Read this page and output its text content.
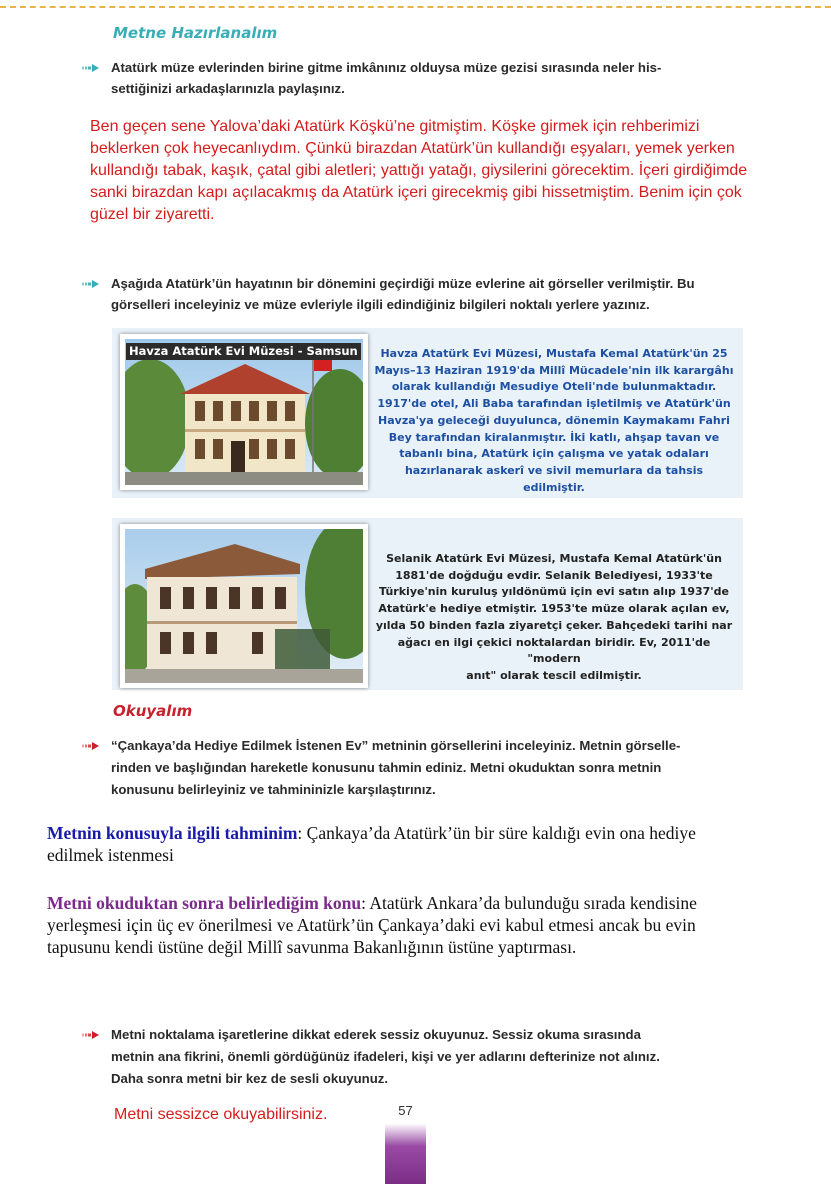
Metne Hazırlanalım
Atatürk müze evlerinden birine gitme imkânınız olduysa müze gezisi sırasında neler his-
settiğinizi arkadaşlarınızla paylaşınız.
Ben geçen sene Yalova’daki Atatürk Köşkü’ne gitmiştim. Köşke girmek için rehberimizi
beklerken çok heyecanlıydım. Çünkü birazdan Atatürk’ün kullandığı eşyaları, yemek yerken
kullandığı tabak, kaşık, çatal gibi aletleri; yattığı yatağı, giysilerini görecektim. İçeri girdiğimde
sanki birazdan kapı açılacakmış da Atatürk içeri girecekmiş gibi hissetmiştim. Benim için çok
güzel bir ziyaretti.
Aşağıda Atatürk’ün hayatının bir dönemini geçirdiği müze evlerine ait görseller verilmiştir. Bu
görselleri inceleyiniz ve müze evleriyle ilgili edindiğiniz bilgileri noktalı yerlere yazınız.
Havza Atatürk Evi Müzesi - Samsun	Havza Atatürk Evi Müzesi, Mustafa Kemal Atatürk'ün 25
Mayıs–13 Haziran 1919'da Millî Mücadele'nin ilk karargâhı
olarak kullandığı Mesudiye Oteli'nde bulunmaktadır.
1917'de otel, Ali Baba tarafından işletilmiş ve Atatürk'ün
Havza'ya geleceği duyulunca, dönemin Kaymakamı Fahri
Bey tarafından kiralanmıştır. İki katlı, ahşap tavan ve
tabanlı bina, Atatürk için çalışma ve yatak odaları
hazırlanarak askerî ve sivil memurlara da tahsis edilmiştir.
Selanik Atatürk Evi Müzesi, Mustafa Kemal Atatürk'ün
1881'de doğduğu evdir. Selanik Belediyesi, 1933'te
Türkiye'nin kuruluş yıldönümü için evi satın alıp 1937'de
Atatürk'e hediye etmiştir. 1953'te müze olarak açılan ev,
yılda 50 binden fazla ziyaretçi çeker. Bahçedeki tarihi nar
ağacı en ilgi çekici noktalardan biridir. Ev, 2011'de "modern
anıt" olarak tescil edilmiştir.
Okuyalım
“Çankaya’da Hediye Edilmek İstenen Ev” metninin görsellerini inceleyiniz. Metnin görselle-
rinden ve başlığından hareketle konusunu tahmin ediniz. Metni okuduktan sonra metnin
konusunu belirleyiniz ve tahmininizle karşılaştırınız.
Metnin konusuyla ilgili tahminim: Çankaya’da Atatürk’ün bir süre kaldığı evin ona hediye
edilmek istenmesi
Metni okuduktan sonra belirlediğim konu: Atatürk Ankara’da bulunduğu sırada kendisine
yerleşmesi için üç ev önerilmesi ve Atatürk’ün Çankaya’daki evi kabul etmesi ancak bu evin
tapusunu kendi üstüne değil Millî savunma Bakanlığının üstüne yaptırması.
Metni noktalama işaretlerine dikkat ederek sessiz okuyunuz. Sessiz okuma sırasında
metnin ana fikrini, önemli gördüğünüz ifadeleri, kişi ve yer adlarını defterinize not alınız.
Daha sonra metni bir kez de sesli okuyunuz.
Metni sessizce okuyabilirsiniz.	57
